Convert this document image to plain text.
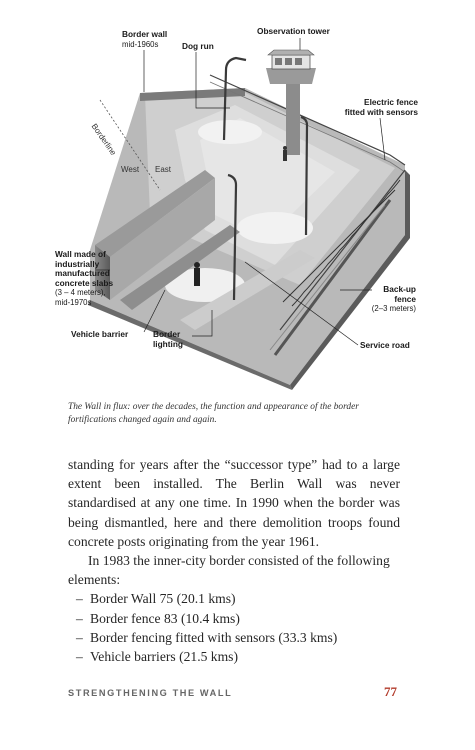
Border wall
mid-1960s	Dog run
Observation tower
Electric fence
fitted with sensors
Borderline
West East
Wall made of
industrially
manufactured
concrete slabs
(3 – 4 meters),
mid-1970s
Vehicle barrier	Border
lighting
Back-up
fence
(2–3 meters)
Service road
The Wall in flux: over the decades, the function and appearance of the border fortifications changed again and again.

standing for years after the “successor type” had to a large extent been installed. The Berlin Wall was never standardised at any one time. In 1990 when the border was being dismantled, here and there demolition troops found concrete posts originating from the year 1961.

In 1983 the inner-city border consisted of the following elements:

– Border Wall 75 (20.1 kms)
– Border fence 83 (10.4 kms)
– Border fencing fitted with sensors (33.3 kms)
– Vehicle barriers (21.5 kms)
STRENGTHENING THE WALL	77
